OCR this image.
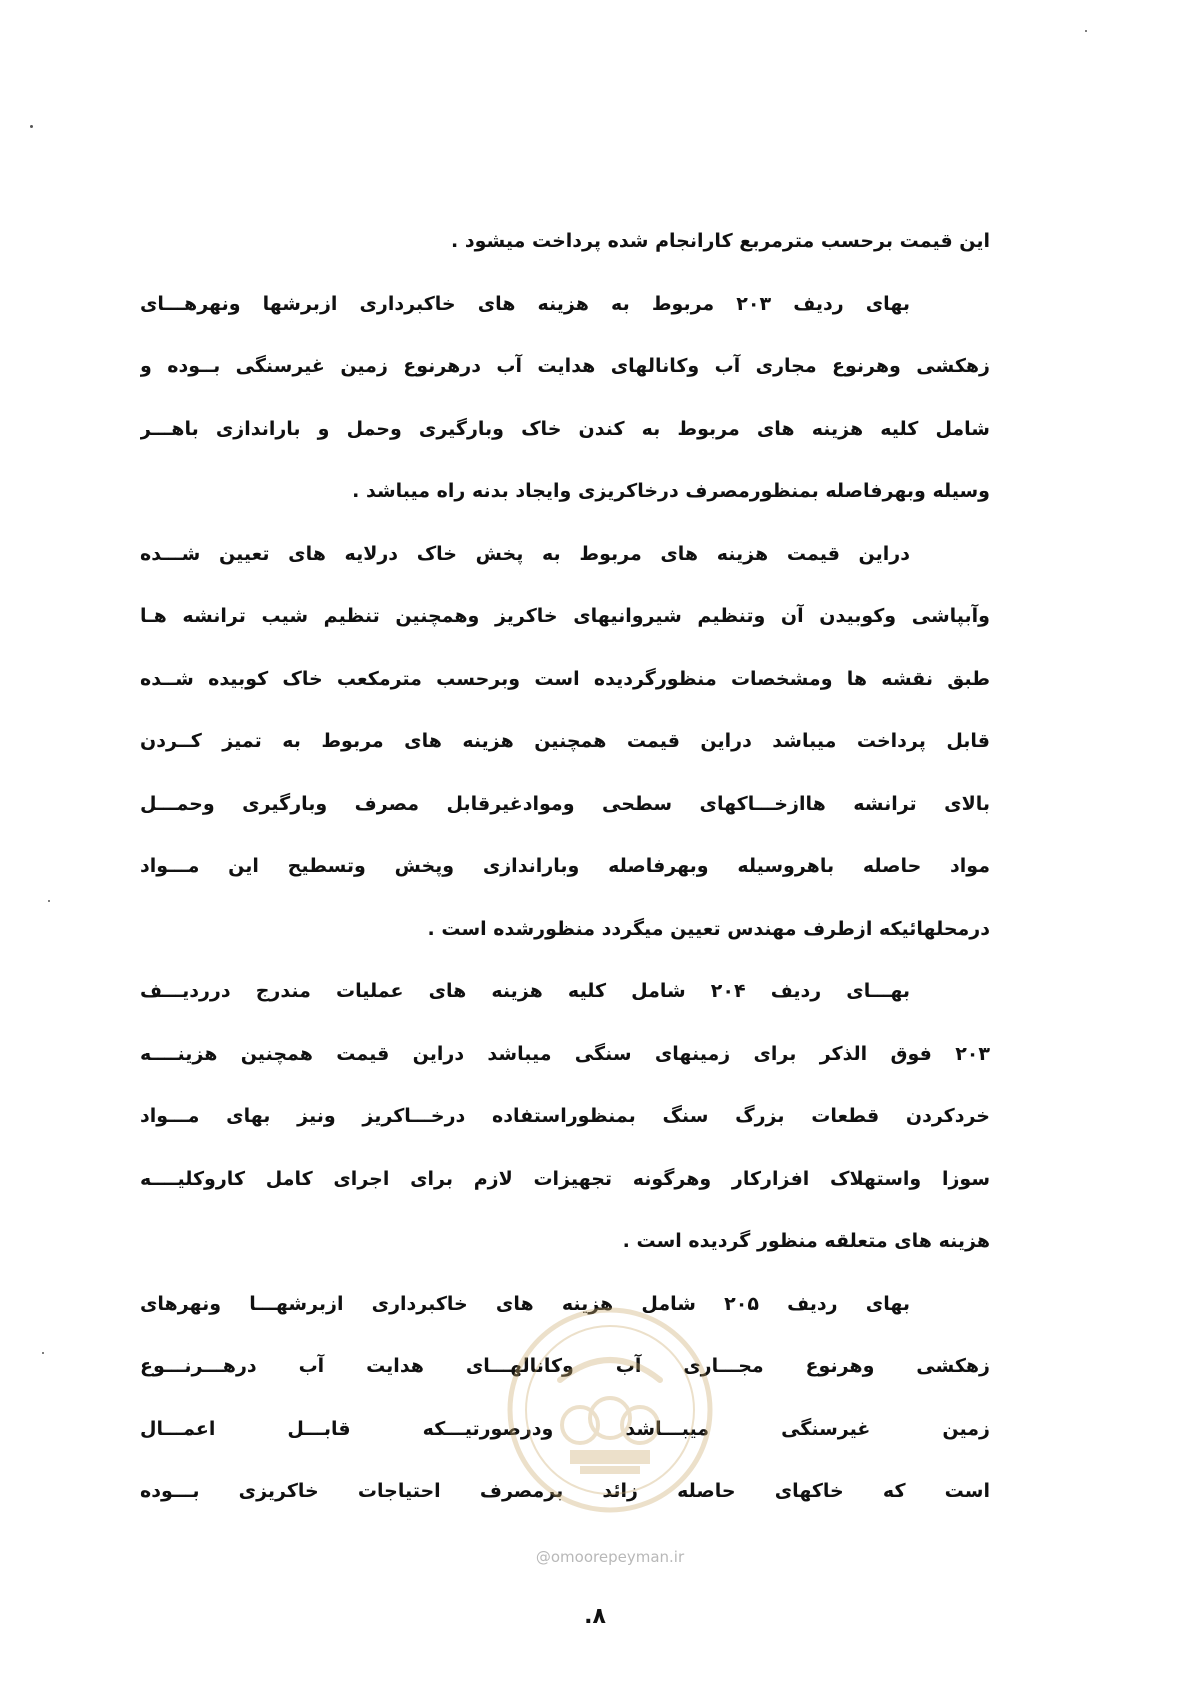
این قیمت برحسب مترمربع کارانجام شده پرداخت میشود .
بهای ردیف ۲۰۳ مربوط به هزینه های خاکبرداری ازبرشها ونهرهـــای
زهکشی وهرنوع مجاری آب وکانالهای هدایت آب درهرنوع زمین غیرسنگی بــوده و
شامل کلیه هزینه های مربوط به کندن خاک وبارگیری وحمل و باراندازی باهـــر
وسیله وبهرفاصله بمنظورمصرف درخاکریزی وایجاد بدنه راه میباشد .
دراین قیمت هزینه های مربوط به پخش خاک درلایه های تعیین شـــده
وآبپاشی وکوبیدن آن وتنظیم شیروانیهای خاکریز وهمچنین تنظیم شیب ترانشه هـا
طبق نقشه ها ومشخصات منظورگردیده است وبرحسب مترمکعب خاک کوبیده شــده
قابل پرداخت میباشد دراین قیمت همچنین هزینه های مربوط به تمیز کــردن
بالای ترانشه هاازخـــاکهای سطحی وموادغیرقابل مصرف وبارگیری وحمـــل
مواد حاصله باهروسیله وبهرفاصله وباراندازی وپخش وتسطیح این مـــواد
درمحلهائیکه ازطرف مهندس تعیین میگردد منظورشده است .
بهـــای ردیف ۲۰۴ شامل کلیه هزینه های عملیات مندرج درردیـــف
۲۰۳ فوق الذکر برای زمینهای سنگی میباشد دراین قیمت همچنین هزینــــه
خردکردن قطعات بزرگ سنگ بمنظوراستفاده درخـــاکریز ونیز بهای مـــواد
سوزا واستهلاک افزارکار وهرگونه تجهیزات لازم برای اجرای کامل کاروکلیــــه
هزینه های متعلقه منظور گردیده است .
بهای ردیف ۲۰۵ شامل هزینه های خاکبرداری ازبرشهـــا ونهرهای
زهکشی وهرنوع مجـــاری آب وکانالهـــای هدایت آب درهـــرنـــوع
زمین غیرسنگی میبـــاشد ودرصورتیـــکه قابـــل اعمـــال
است که خاکهای حاصله زائد برمصرف احتیاجات خاکریزی بـــوده
@omoorepeyman.ir
۸.
